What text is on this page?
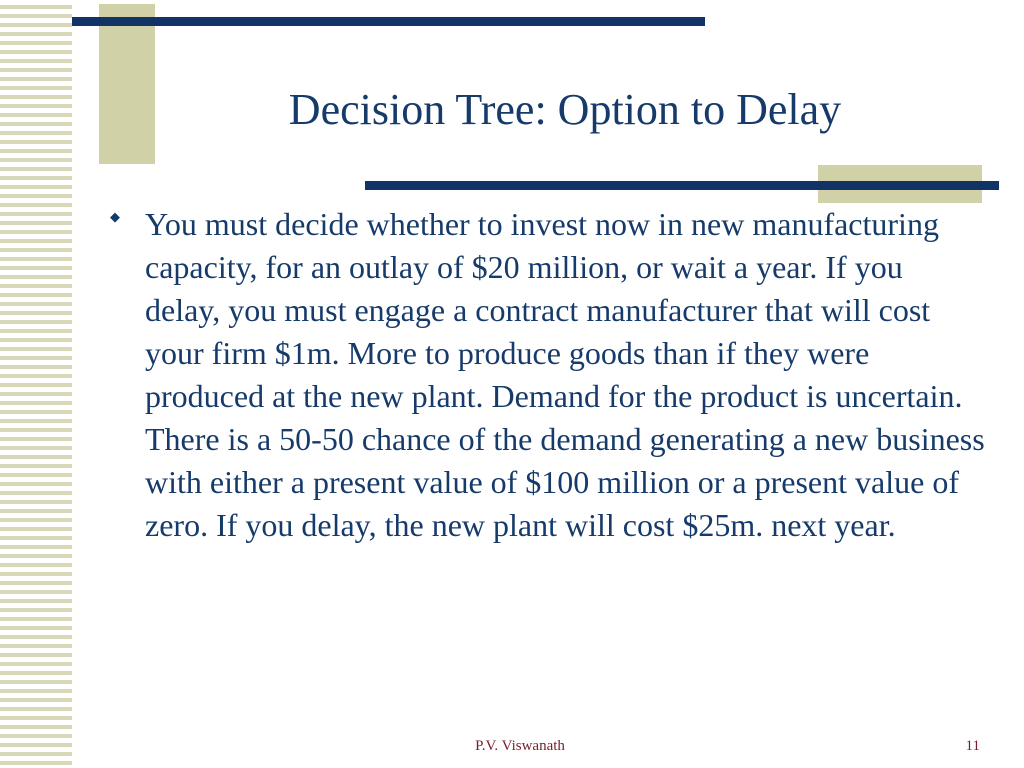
Decision Tree: Option to Delay
◆ You must decide whether to invest now in new manufacturing capacity, for an outlay of $20 million, or wait a year. If you delay, you must engage a contract manufacturer that will cost your firm $1m. More to produce goods than if they were produced at the new plant. Demand for the product is uncertain. There is a 50-50 chance of the demand generating a new business with either a present value of $100 million or a present value of zero. If you delay, the new plant will cost $25m. next year.
P.V. Viswanath	11
